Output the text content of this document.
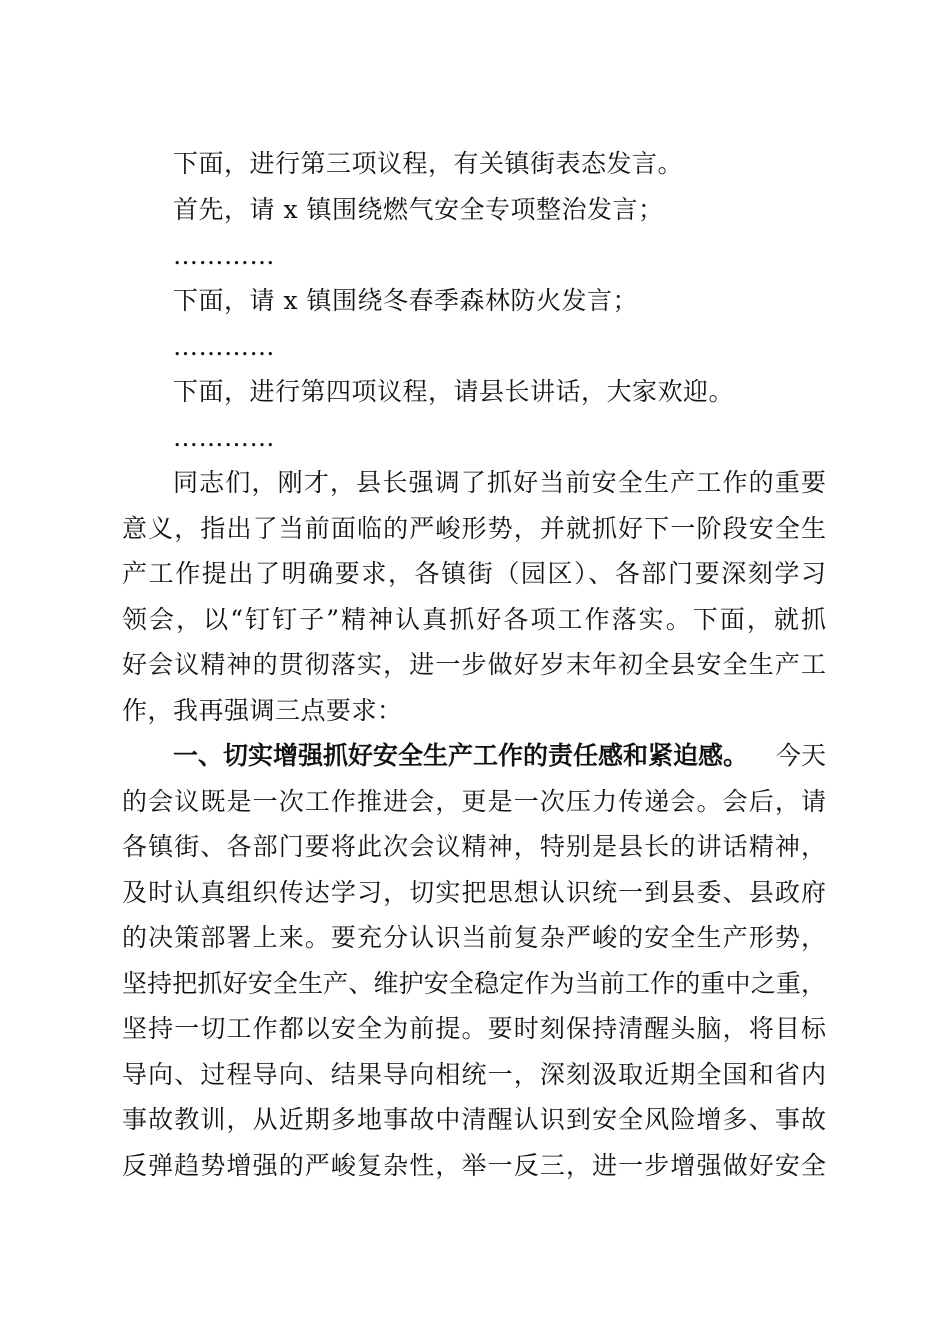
下面，进行第三项议程，有关镇街表态发言。
首先，请 x 镇围绕燃气安全专项整治发言；
…………
下面，请 x 镇围绕冬春季森林防火发言；
…………
下面，进行第四项议程，请县长讲话，大家欢迎。
…………
同志们，刚才，县长强调了抓好当前安全生产工作的重要
意义，指出了当前面临的严峻形势，并就抓好下一阶段安全生
产工作提出了明确要求，各镇街（园区）、各部门要深刻学习
领会，以“钉钉子”精神认真抓好各项工作落实。下面，就抓
好会议精神的贯彻落实，进一步做好岁末年初全县安全生产工
作，我再强调三点要求：
一、切实增强抓好安全生产工作的责任感和紧迫感。 今天
的会议既是一次工作推进会，更是一次压力传递会。会后，请
各镇街、各部门要将此次会议精神，特别是县长的讲话精神，
及时认真组织传达学习，切实把思想认识统一到县委、县政府
的决策部署上来。要充分认识当前复杂严峻的安全生产形势，
坚持把抓好安全生产、维护安全稳定作为当前工作的重中之重，
坚持一切工作都以安全为前提。要时刻保持清醒头脑，将目标
导向、过程导向、结果导向相统一，深刻汲取近期全国和省内
事故教训，从近期多地事故中清醒认识到安全风险增多、事故
反弹趋势增强的严峻复杂性，举一反三，进一步增强做好安全
